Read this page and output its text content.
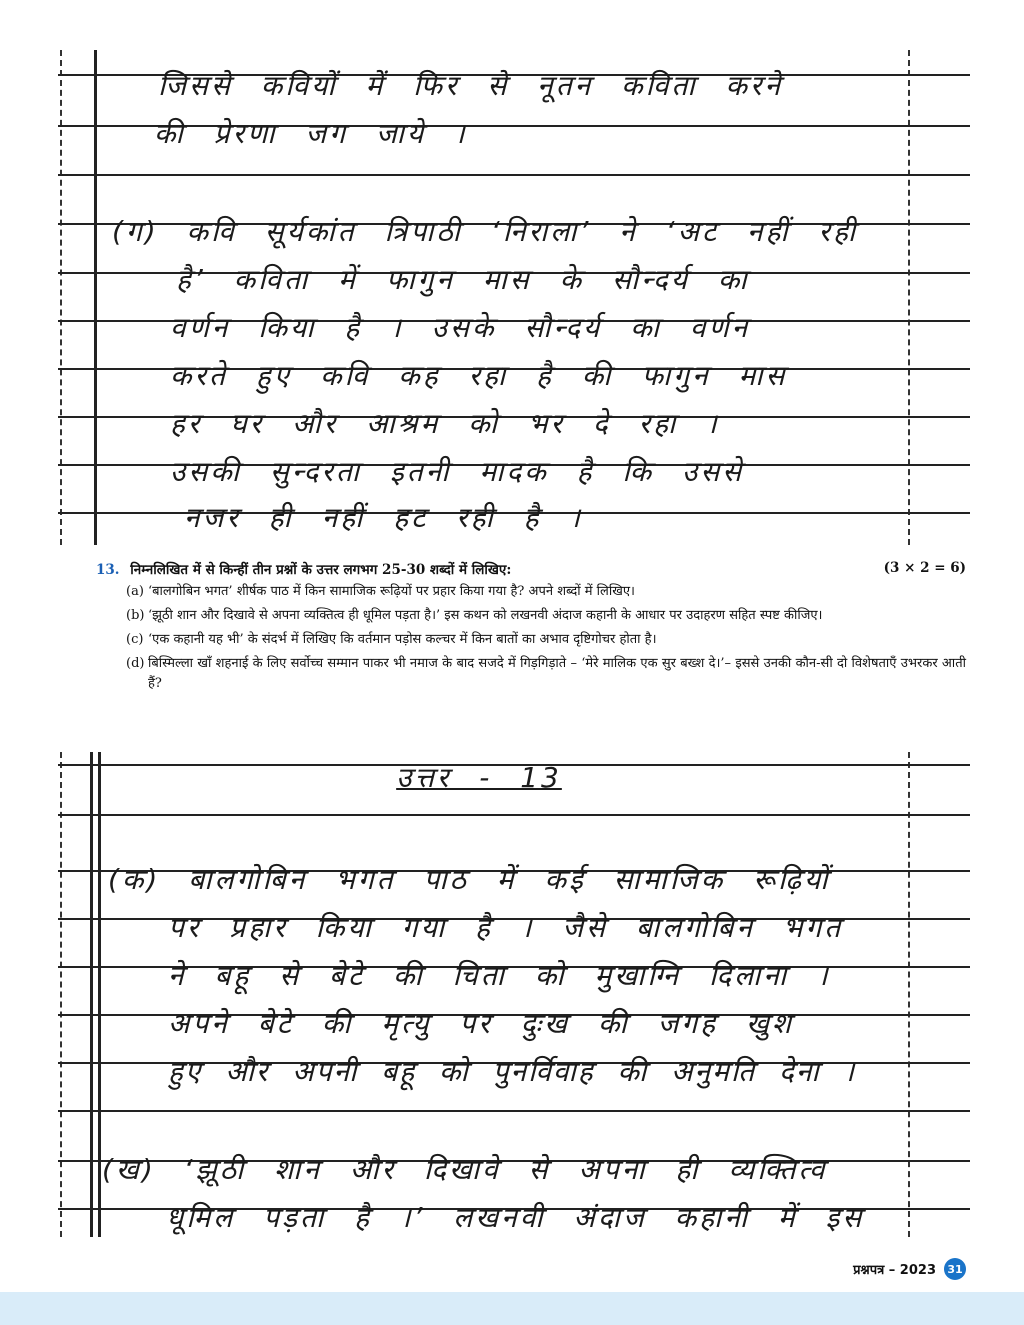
जिससे कवियों में फिर से नूतन कविता करने
की प्रेरणा जग जाये ।
(ग) कवि सूर्यकांत त्रिपाठी ‘निराला’ ने ‘अट नहीं रही
है’ कविता में फागुन मास के सौन्दर्य का
वर्णन किया है । उसके सौन्दर्य का वर्णन
करते हुए कवि कह रहा है की फागुन मास
हर घर और आश्रम को भर दे रहा ।
उसकी सुन्दरता इतनी मादक है कि उससे
नजर ही नहीं हट रही है ।
13. निम्नलिखित में से किन्हीं तीन प्रश्नों के उत्तर लगभग 25-30 शब्दों में लिखिए:	(3 × 2 = 6)
(a) ‘बालगोबिन भगत’ शीर्षक पाठ में किन सामाजिक रूढ़ियों पर प्रहार किया गया है? अपने शब्दों में लिखिए।
(b) ‘झूठी शान और दिखावे से अपना व्यक्तित्व ही धूमिल पड़ता है।’ इस कथन को लखनवी अंदाज कहानी के आधार पर उदाहरण सहित स्पष्ट कीजिए।
(c) ‘एक कहानी यह भी’ के संदर्भ में लिखिए कि वर्तमान पड़ोस कल्चर में किन बातों का अभाव दृष्टिगोचर होता है।
(d) बिस्मिल्ला खाँ शहनाई के लिए सर्वोच्च सम्मान पाकर भी नमाज के बाद सजदे में गिड़गिड़ाते – ‘मेरे मालिक एक सुर बख्श दे।’– इससे उनकी कौन-सी दो विशेषताएँ उभरकर आती हैं?
उत्तर - 13
(क) बालगोबिन भगत पाठ में कई सामाजिक रूढ़ियों
पर प्रहार किया गया है । जैसे बालगोबिन भगत
ने बहू से बेटे की चिता को मुखाग्नि दिलाना ।
अपने बेटे की मृत्यु पर दुःख की जगह खुश
हुए और अपनी बहू को पुनर्विवाह की अनुमति देना ।
(ख) ‘झूठी शान और दिखावे से अपना ही व्यक्तित्व
धूमिल पड़ता है ।’ लखनवी अंदाज कहानी में इस
प्रश्नपत्र – 2023	31
